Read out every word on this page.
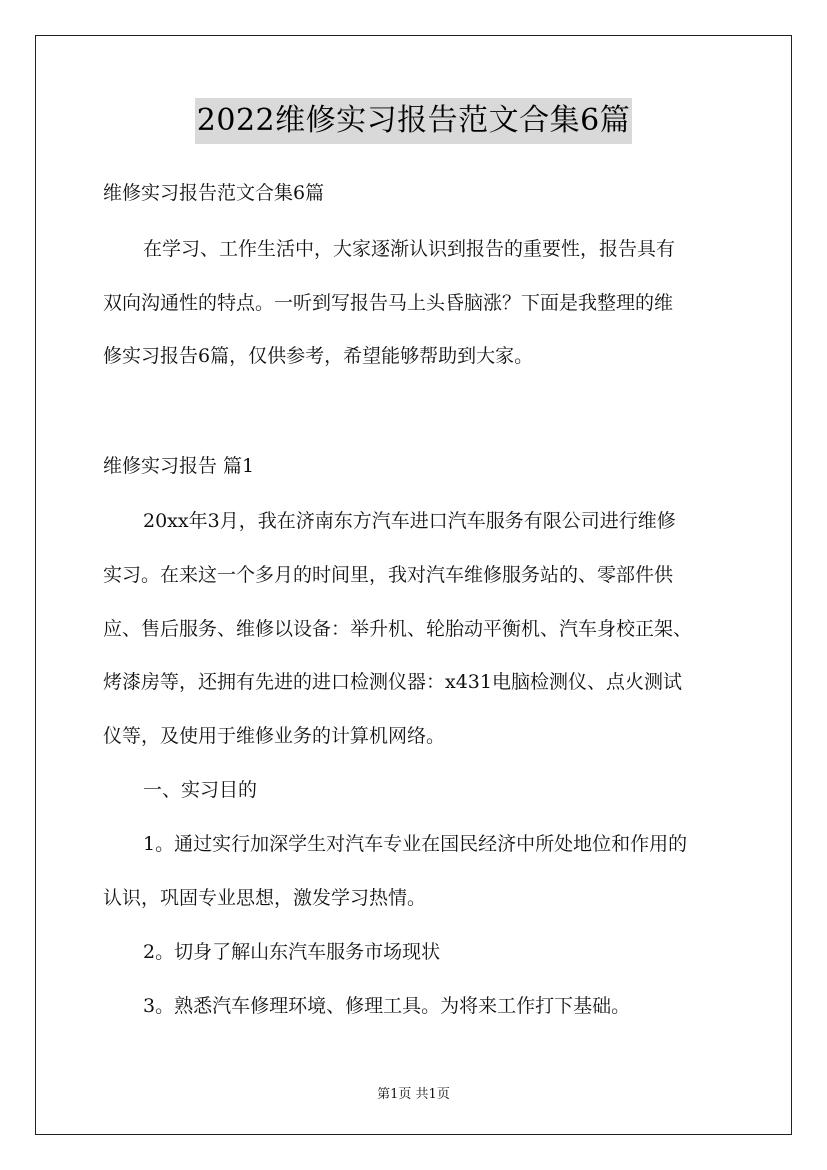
2022维修实习报告范文合集6篇
维修实习报告范文合集6篇
在学习、工作生活中，大家逐渐认识到报告的重要性，报告具有
双向沟通性的特点。一听到写报告马上头昏脑涨？下面是我整理的维
修实习报告6篇，仅供参考，希望能够帮助到大家。
维修实习报告 篇1
20xx年3月，我在济南东方汽车进口汽车服务有限公司进行维修
实习。在来这一个多月的时间里，我对汽车维修服务站的、零部件供
应、售后服务、维修以设备：举升机、轮胎动平衡机、汽车身校正架、
烤漆房等，还拥有先进的进口检测仪器：x431电脑检测仪、点火测试
仪等，及使用于维修业务的计算机网络。
一、实习目的
1。通过实行加深学生对汽车专业在国民经济中所处地位和作用的
认识，巩固专业思想，激发学习热情。
2。切身了解山东汽车服务市场现状
3。熟悉汽车修理环境、修理工具。为将来工作打下基础。
第1页 共1页
